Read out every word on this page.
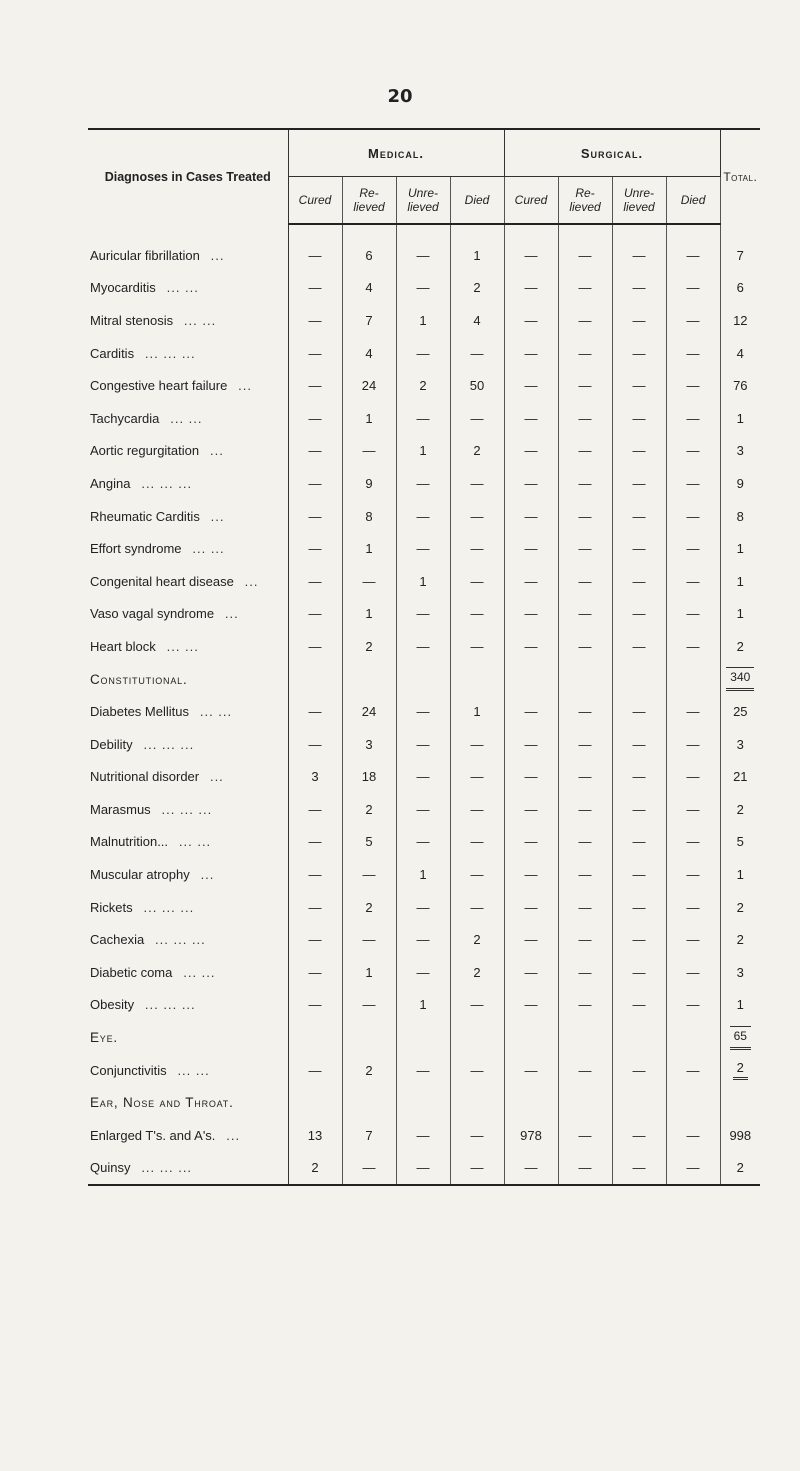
20
Diagnoses in Cases Treated	Medical.				Surgical.				Total.
	Cured	Re- lieved	Unre- lieved	Died	Cured	Re- lieved	Unre- lieved	Died	

Auricular fibrillation ...	—	6	—	1	—	—	—	—	7
Myocarditis ... ...	—	4	—	2	—	—	—	—	6
Mitral stenosis ... ...	—	7	1	4	—	—	—	—	12
Carditis ... ... ...	—	4	—	—	—	—	—	—	4
Congestive heart failure ...	—	24	2	50	—	—	—	—	76
Tachycardia ... ...	—	1	—	—	—	—	—	—	1
Aortic regurgitation ...	—	—	1	2	—	—	—	—	3
Angina ... ... ...	—	9	—	—	—	—	—	—	9
Rheumatic Carditis ...	—	8	—	—	—	—	—	—	8
Effort syndrome ... ...	—	1	—	—	—	—	—	—	1
Congenital heart disease ...	—	—	1	—	—	—	—	—	1
Vaso vagal syndrome ...	—	1	—	—	—	—	—	—	1
Heart block ... ...	—	2	—	—	—	—	—	—	2
Constitutional.									340
Diabetes Mellitus ... ...	—	24	—	1	—	—	—	—	25
Debility ... ... ...	—	3	—	—	—	—	—	—	3
Nutritional disorder ...	3	18	—	—	—	—	—	—	21
Marasmus ... ... ...	—	2	—	—	—	—	—	—	2
Malnutrition... ... ...	—	5	—	—	—	—	—	—	5
Muscular atrophy ...	—	—	1	—	—	—	—	—	1
Rickets ... ... ...	—	2	—	—	—	—	—	—	2
Cachexia ... ... ...	—	—	—	2	—	—	—	—	2
Diabetic coma ... ...	—	1	—	2	—	—	—	—	3
Obesity ... ... ...	—	—	1	—	—	—	—	—	1
Eye.									65
Conjunctivitis ... ...	—	2	—	—	—	—	—	—	2
Ear, Nose and Throat.									
Enlarged T's. and A's. ...	13	7	—	—	978	—	—	—	998
Quinsy ... ... ...	2	—	—	—	—	—	—	—	2
